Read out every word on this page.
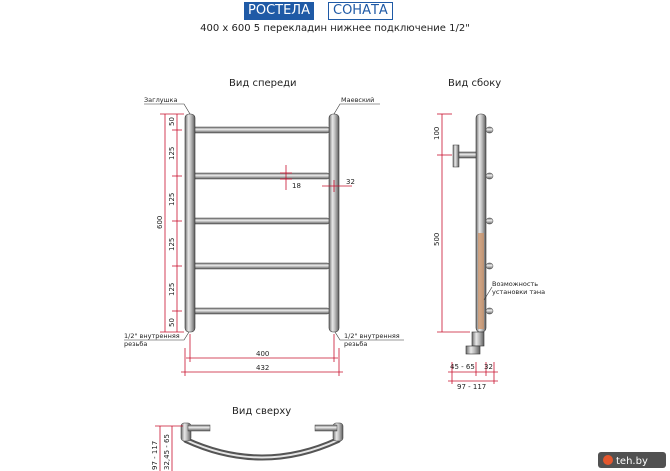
РОСТЕЛА	СОНАТА
400 x 600 5 перекладин нижнее подключение 1/2"
Вид спереди
Заглушка	Маевский
50
125
125
125
125
50
600
18	32
1/2" внутренняя
резьба
1/2" внутренняя
резьба
400
432
Вид сбоку
100
500
Возможность
установки тэна
45 - 65 32
97 - 117
Вид сверху
97 - 117 32,45 - 65	teh.by
